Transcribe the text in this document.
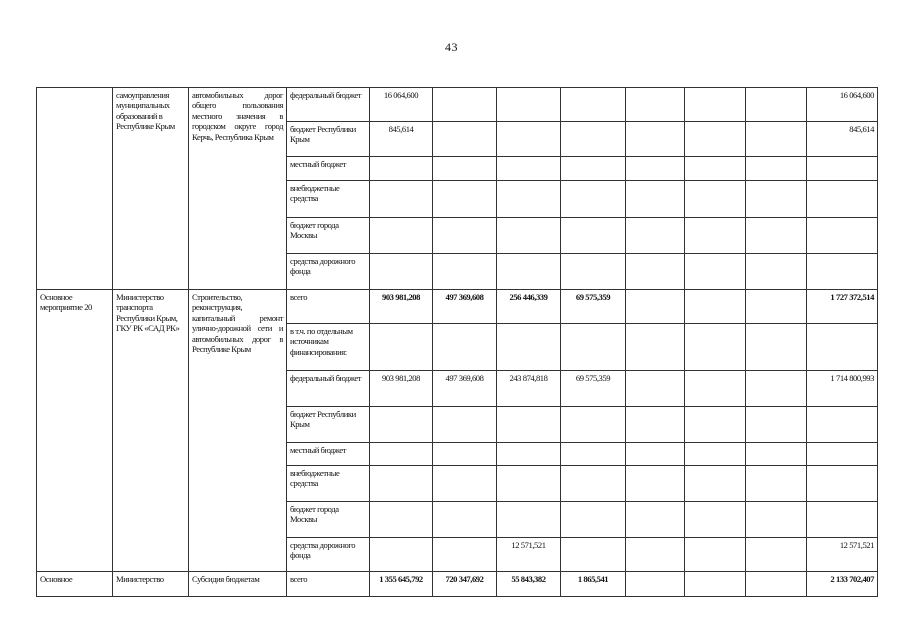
43
	самоуправления муниципальных образований в Республике Крым	автомобильных дорог общего пользования местного значения в городском округе город Керчь, Республика Крым	федеральный бюджет	16 064,600							16 064,600
			бюджет Республики Крым	845,614							845,614
			местный бюджет								
			внебюджетные средства								
			бюджет города Москвы								
			средства дорожного фонда								
Основное мероприятие 20	Министерство транспорта Республики Крым, ГКУ РК «САД РК»	Строительство, реконструкция, капитальный ремонт улично-дорожной сети и автомобильных дорог в Республике Крым	всего	903 981,208	497 369,608	256 446,339	69 575,359				1 727 372,514
			в т.ч. по отдельным источникам финансирования:								
			федеральный бюджет	903 981,208	497 369,608	243 874,818	69 575,359				1 714 800,993
			бюджет Республики Крым								
			местный бюджет								
			внебюджетные средства								
			бюджет города Москвы								
			средства дорожного фонда			12 571,521					12 571,521
Основное	Министерство	Субсидия бюджетам	всего	1 355 645,792	720 347,692	55 843,382	1 865,541				2 133 702,407
